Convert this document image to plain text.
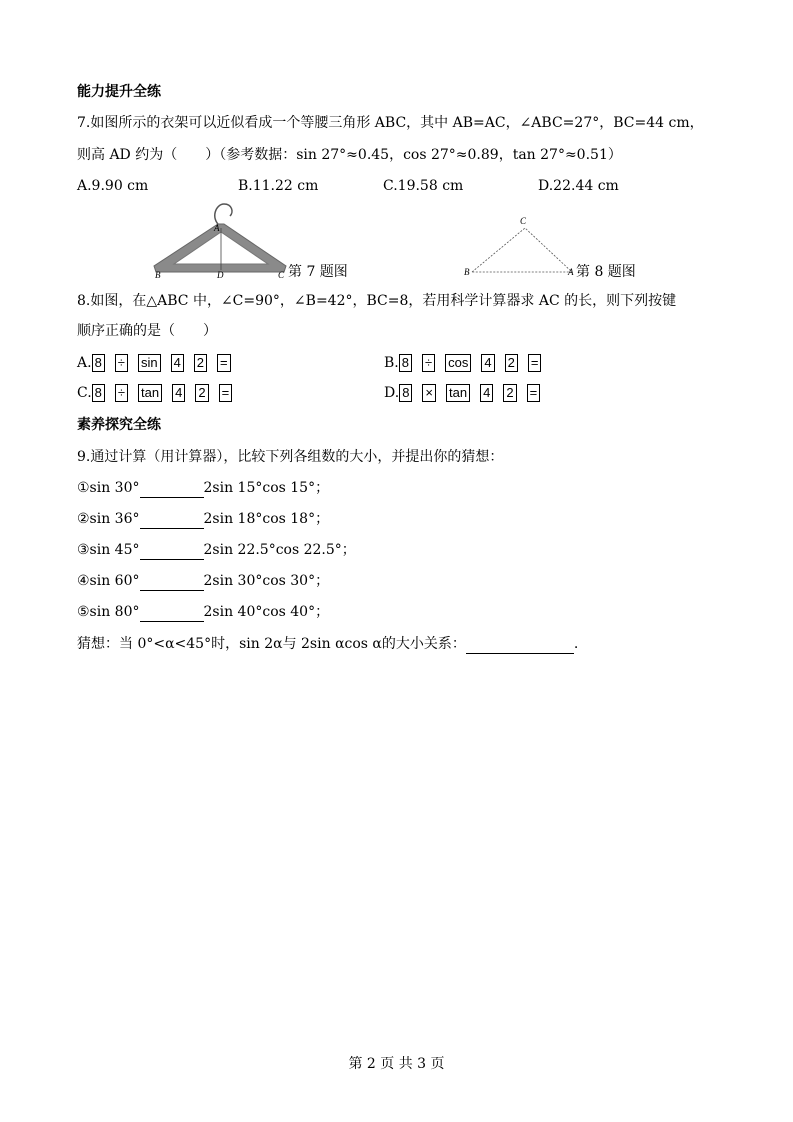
能力提升全练
7.如图所示的衣架可以近似看成一个等腰三角形 ABC，其中 AB=AC，∠ABC=27°，BC=44 cm，
则高 AD 约为（　　）（参考数据：sin 27°≈0.45，cos 27°≈0.89，tan 27°≈0.51）
A.9.90 cm	B.11.22 cm	C.19.58 cm	D.22.44 cm
A
B	D	C 第 7 题图
C
B	A 第 8 题图
8.如图，在△ABC 中，∠C=90°，∠B=42°，BC=8，若用科学计算器求 AC 的长，则下列按键
顺序正确的是（　　）
A. 8 ÷ sin 4 2 =	B. 8 ÷ cos 4 2 =
C. 8 ÷ tan 4 2 =	D. 8 × tan 4 2 =
素养探究全练
9.通过计算（用计算器），比较下列各组数的大小，并提出你的猜想：
①sin 30°	2sin 15°cos 15°；
②sin 36°	2sin 18°cos 18°；
③sin 45°	2sin 22.5°cos 22.5°；
④sin 60°	2sin 30°cos 30°；
⑤sin 80°	2sin 40°cos 40°；
猜想：当 0°<α<45°时，sin 2α与 2sin αcos α的大小关系：	.
第 2 页 共 3 页
